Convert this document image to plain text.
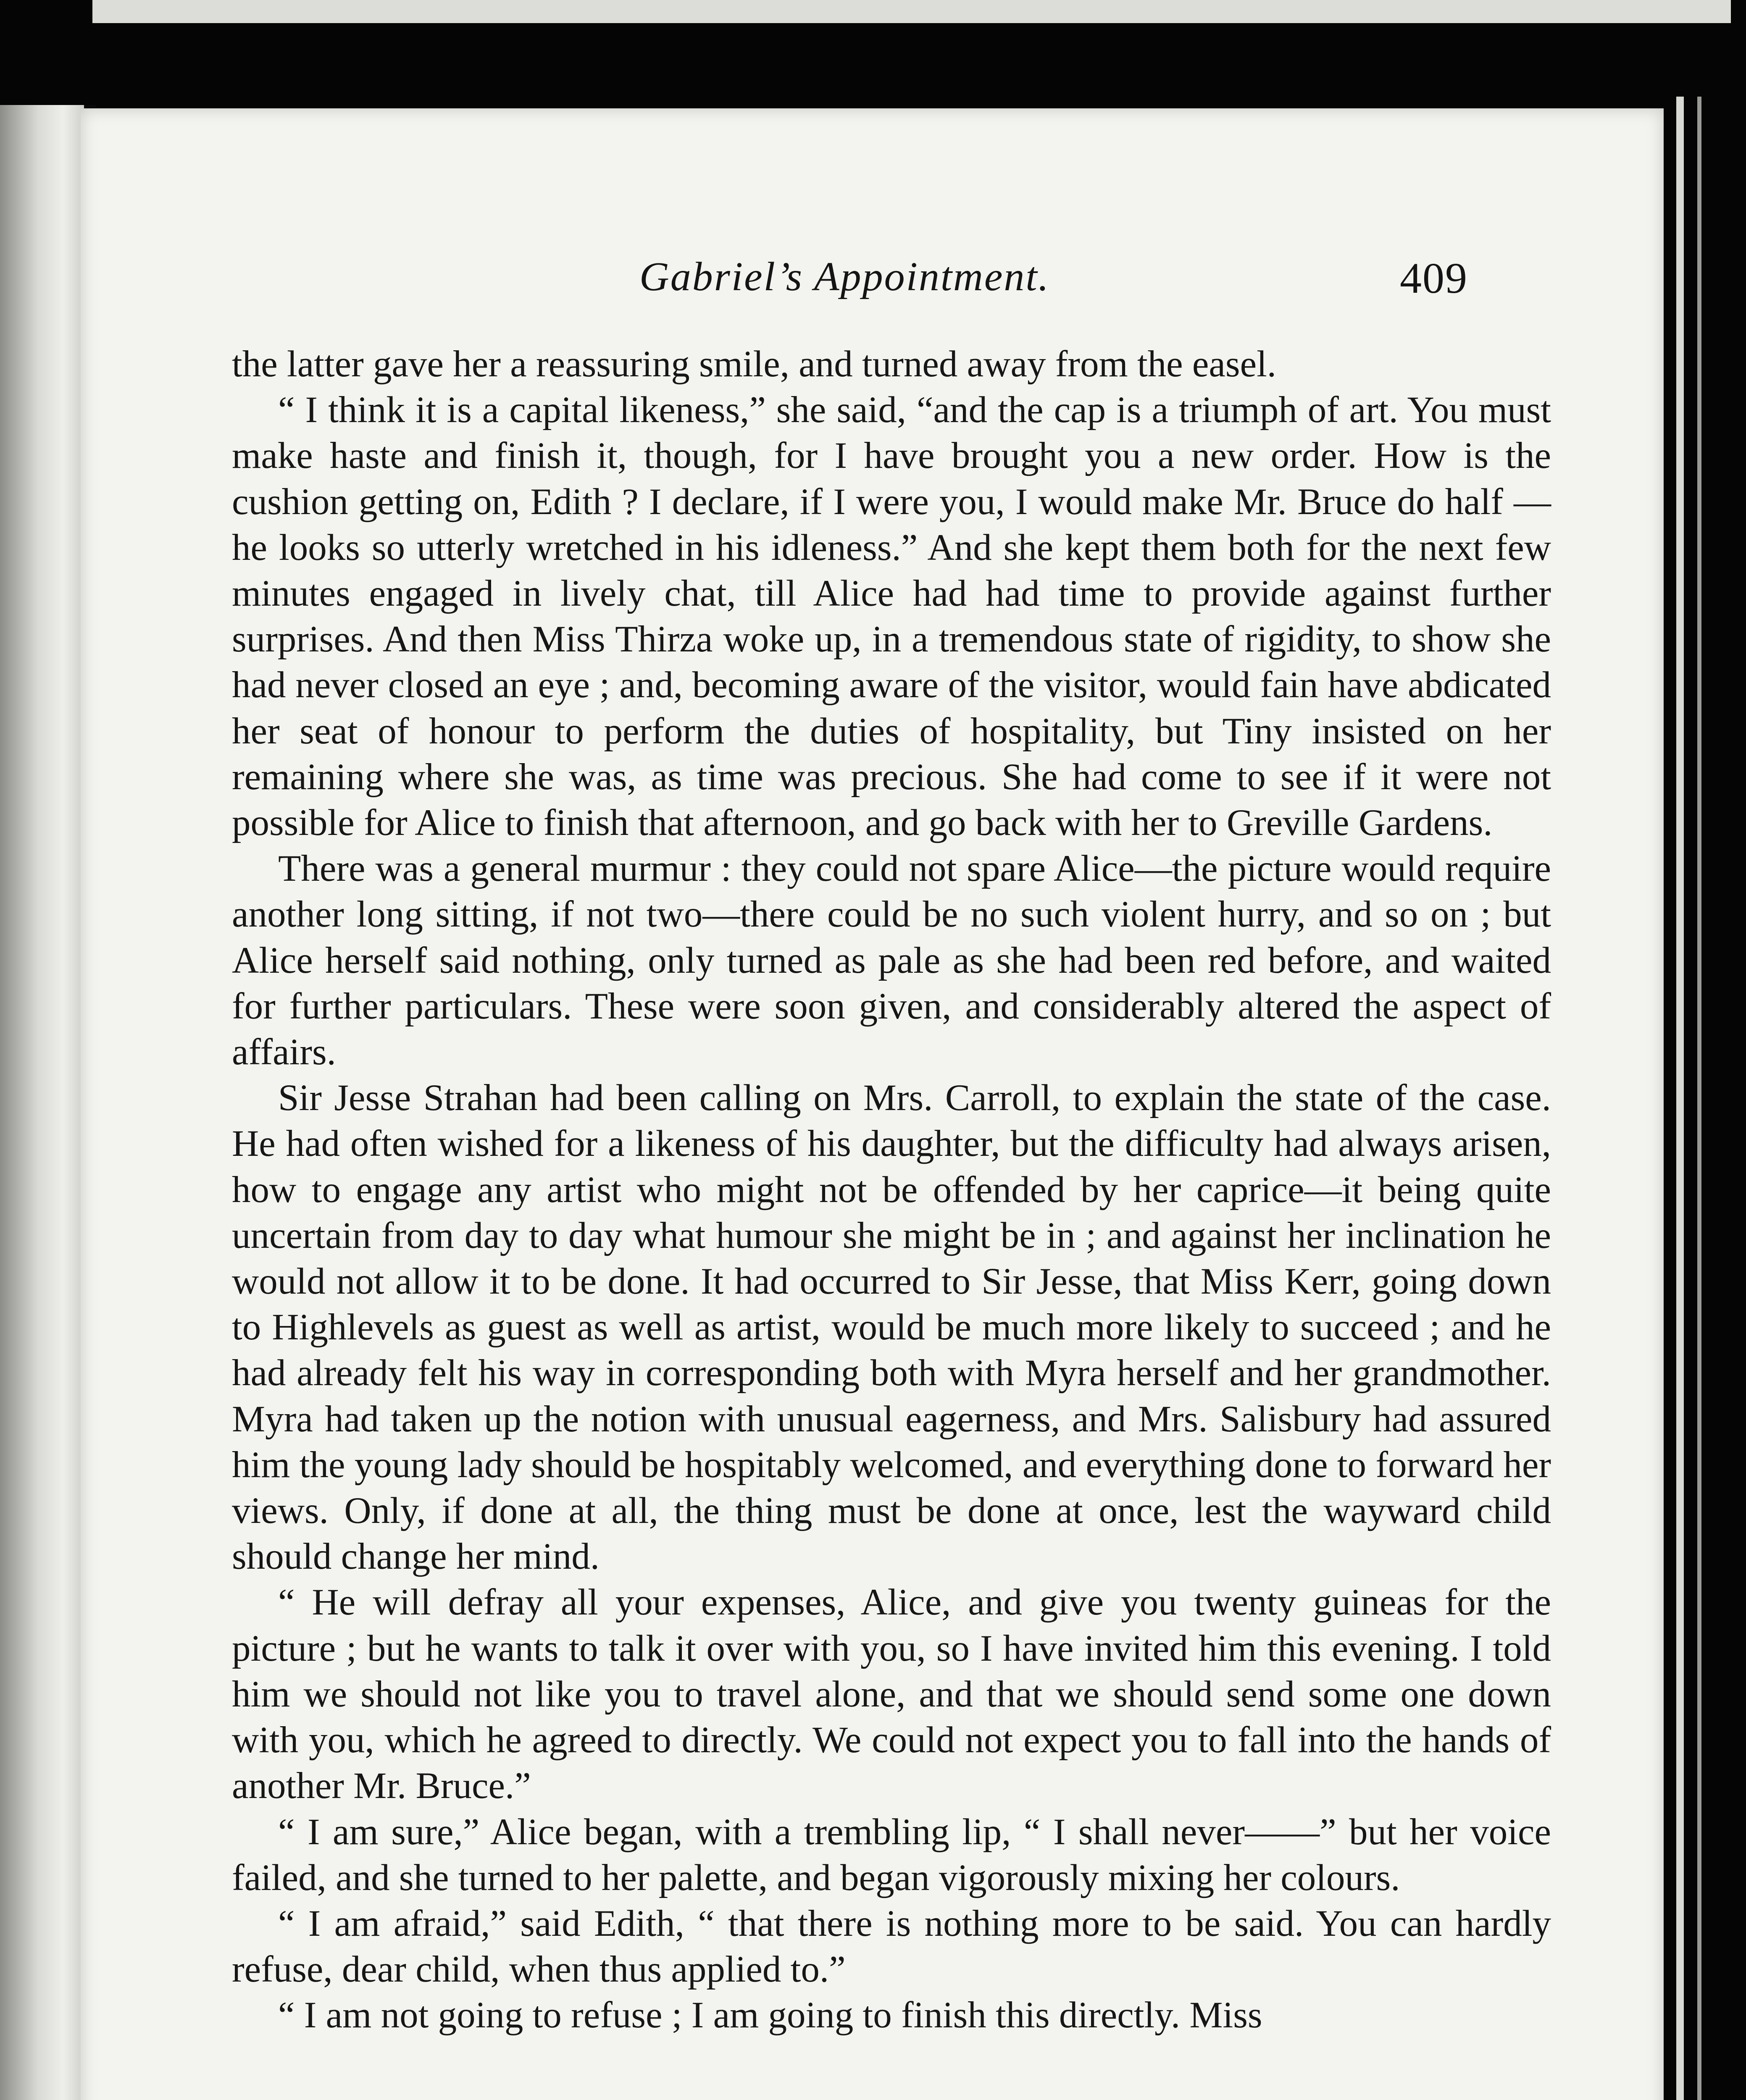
Gabriel’s Appointment.	409

the latter gave her a reassuring smile, and turned away from the easel.

“ I think it is a capital likeness,” she said, “and the cap is a triumph of art. You must make haste and finish it, though, for I have brought you a new order. How is the cushion getting on, Edith ? I declare, if I were you, I would make Mr. Bruce do half —he looks so utterly wretched in his idleness.” And she kept them both for the next few minutes engaged in lively chat, till Alice had had time to provide against further surprises. And then Miss Thirza woke up, in a tremendous state of rigidity, to show she had never closed an eye ; and, becoming aware of the visitor, would fain have abdicated her seat of honour to perform the duties of hospitality, but Tiny insisted on her remaining where she was, as time was precious. She had come to see if it were not possible for Alice to finish that afternoon, and go back with her to Greville Gardens.

There was a general murmur : they could not spare Alice—the picture would require another long sitting, if not two—there could be no such violent hurry, and so on ; but Alice herself said nothing, only turned as pale as she had been red before, and waited for further particulars. These were soon given, and considerably altered the aspect of affairs.

Sir Jesse Strahan had been calling on Mrs. Carroll, to explain the state of the case. He had often wished for a likeness of his daughter, but the difficulty had always arisen, how to engage any artist who might not be offended by her caprice—it being quite uncertain from day to day what humour she might be in ; and against her inclination he would not allow it to be done. It had occurred to Sir Jesse, that Miss Kerr, going down to Highlevels as guest as well as artist, would be much more likely to succeed ; and he had already felt his way in corresponding both with Myra herself and her grandmother. Myra had taken up the notion with unusual eagerness, and Mrs. Salisbury had assured him the young lady should be hospitably welcomed, and everything done to forward her views. Only, if done at all, the thing must be done at once, lest the wayward child should change her mind.

“ He will defray all your expenses, Alice, and give you twenty guineas for the picture ; but he wants to talk it over with you, so I have invited him this evening. I told him we should not like you to travel alone, and that we should send some one down with you, which he agreed to directly. We could not expect you to fall into the hands of another Mr. Bruce.”

“ I am sure,” Alice began, with a trembling lip, “ I shall never——” but her voice failed, and she turned to her palette, and began vigorously mixing her colours.

“ I am afraid,” said Edith, “ that there is nothing more to be said. You can hardly refuse, dear child, when thus applied to.”

“ I am not going to refuse ; I am going to finish this directly. Miss
